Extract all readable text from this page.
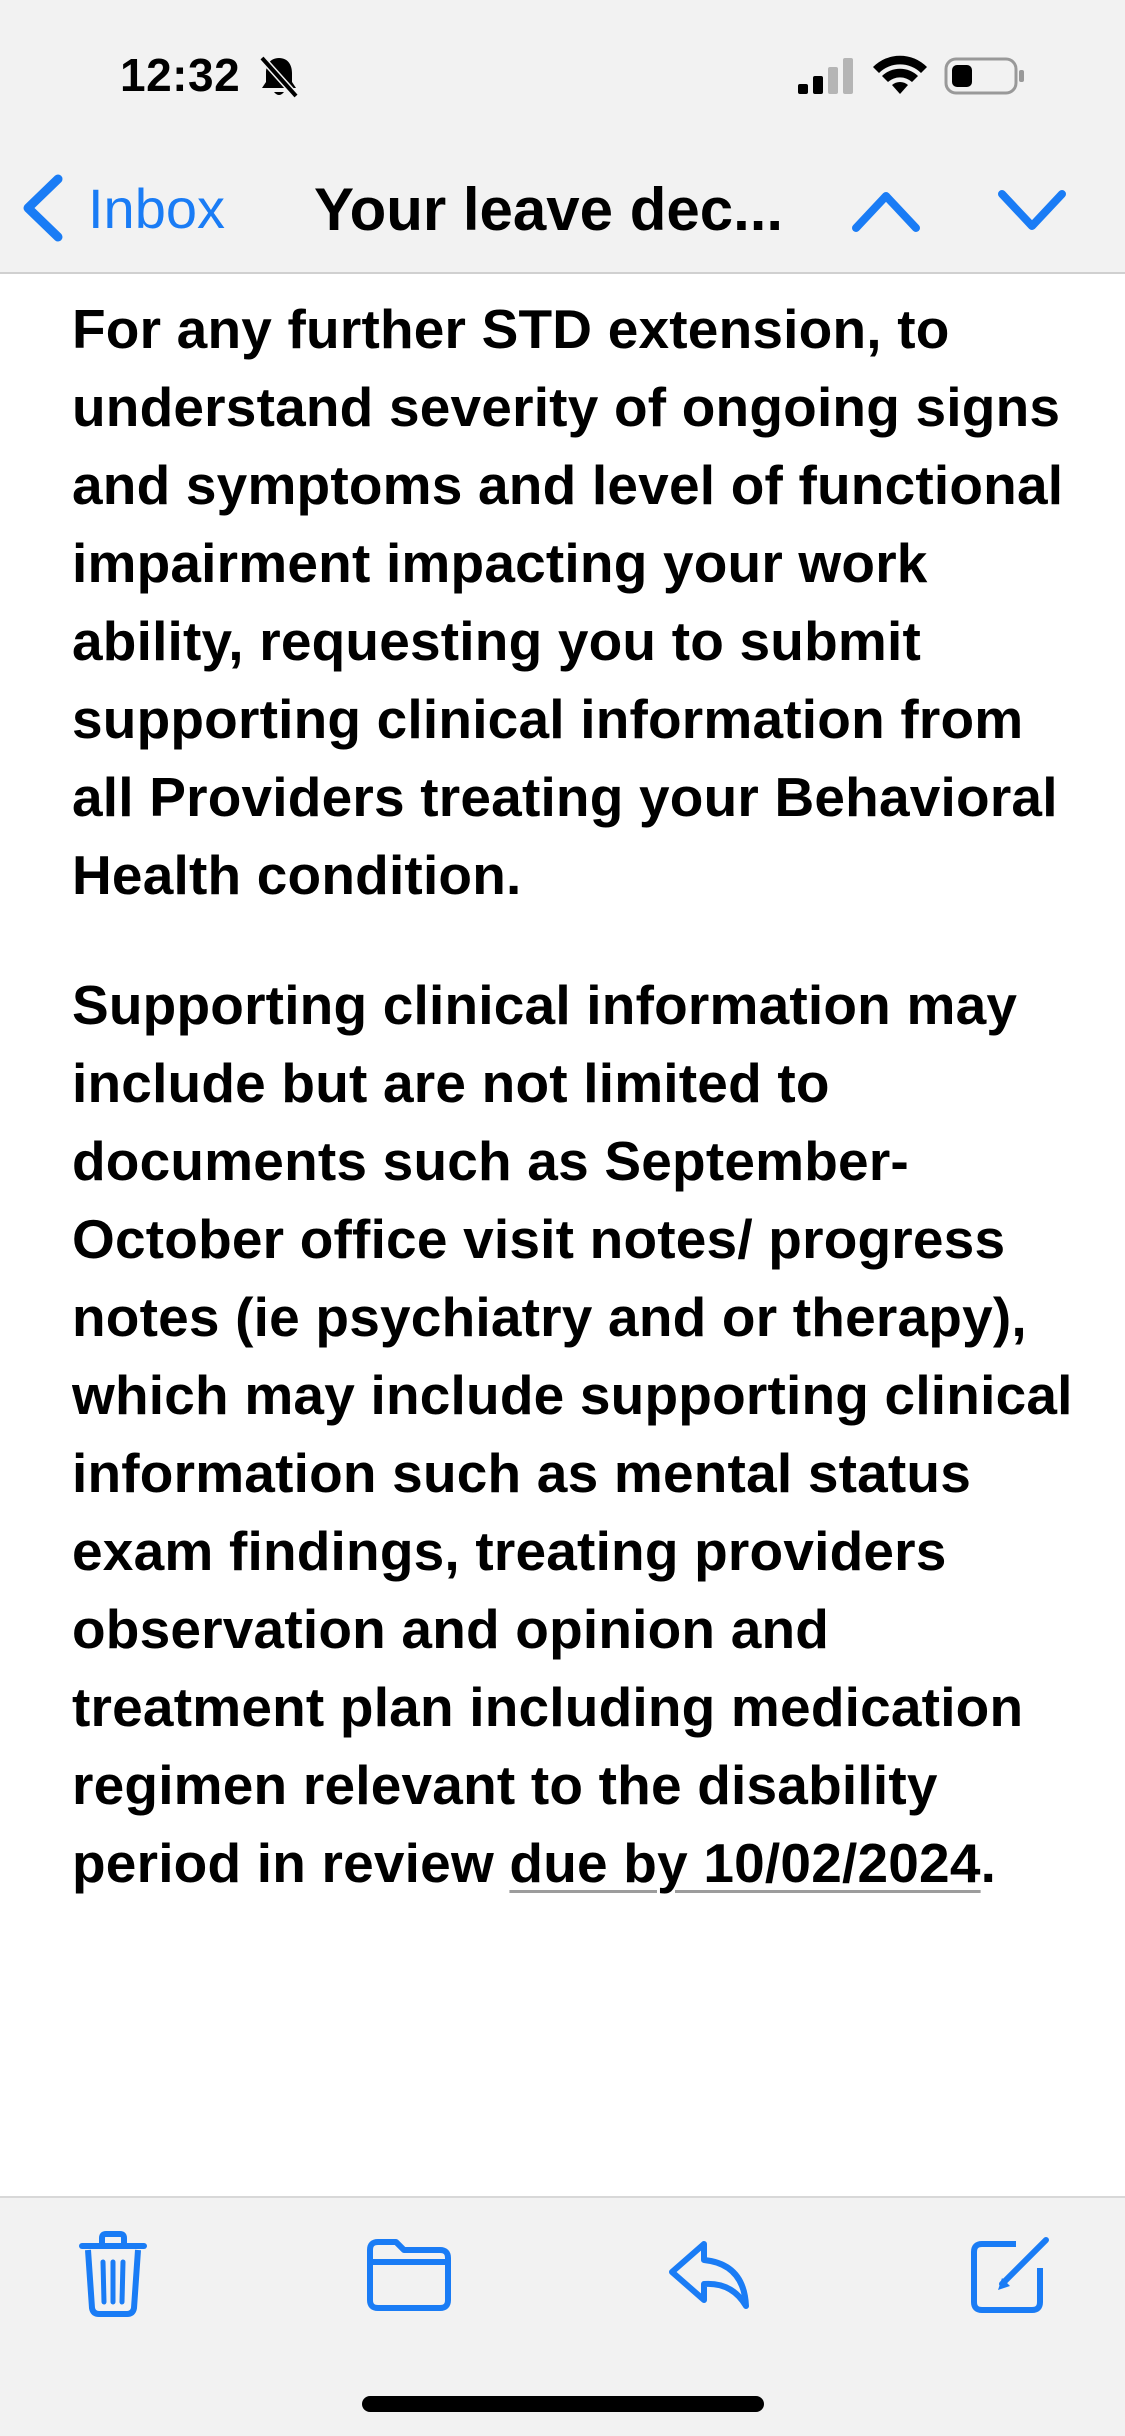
12:32
Inbox Your leave dec...

For any further STD extension, to understand severity of ongoing signs and symptoms and level of functional impairment impacting your work ability, requesting you to submit supporting clinical information from all Providers treating your Behavioral Health condition.

Supporting clinical information may include but are not limited to documents such as September-October office visit notes/ progress notes (ie psychiatry and or therapy), which may include supporting clinical information such as mental status exam findings, treating providers observation and opinion and treatment plan including medication regimen relevant to the disability period in review due by 10/02/2024.
